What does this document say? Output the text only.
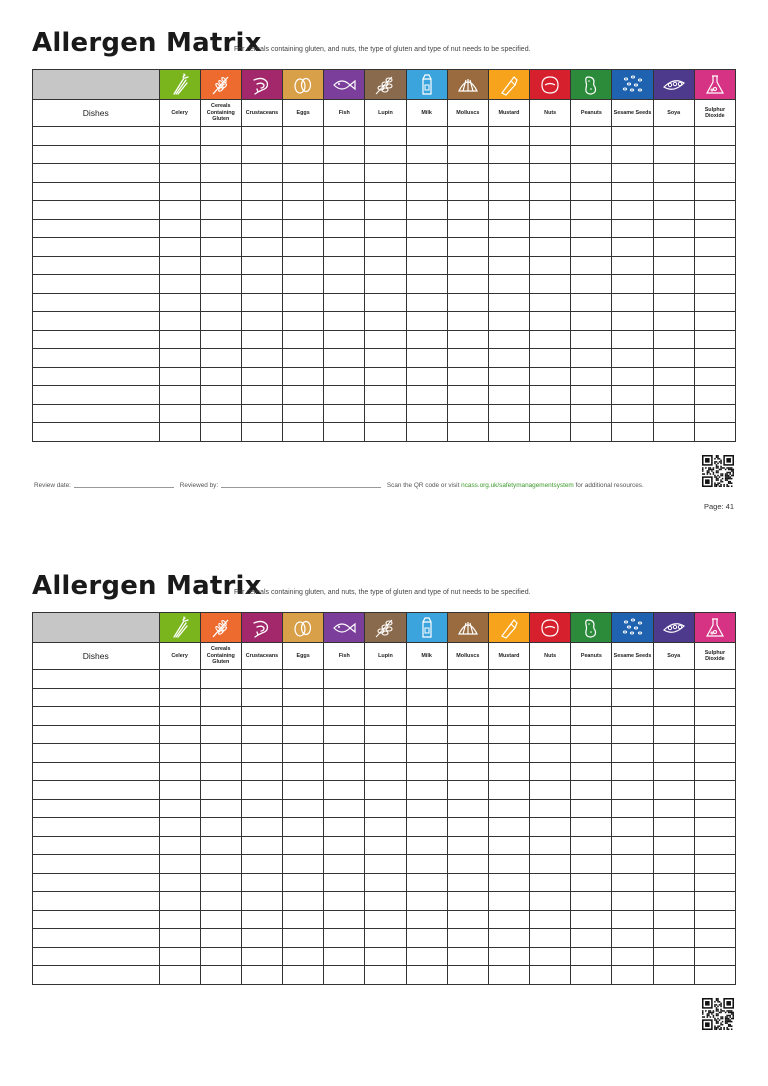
Allergen Matrix
For cereals containing gluten, and nuts, the type of gluten and type of nut needs to be specified.

Dishes	Celery	Cereals Containing Gluten	Crustaceans	Eggs	Fish	Lupin	Milk	Molluscs	Mustard	Nuts	Peanuts	Sesame Seeds	Soya	Sulphur Dioxide

Review date:	Reviewed by:	Scan the QR code or visit ncass.org.uk/safetymanagementsystem for additional resources.
Page: 41
Allergen Matrix
For cereals containing gluten, and nuts, the type of gluten and type of nut needs to be specified.

Dishes	Celery	Cereals Containing Gluten	Crustaceans	Eggs	Fish	Lupin	Milk	Molluscs	Mustard	Nuts	Peanuts	Sesame Seeds	Soya	Sulphur Dioxide
